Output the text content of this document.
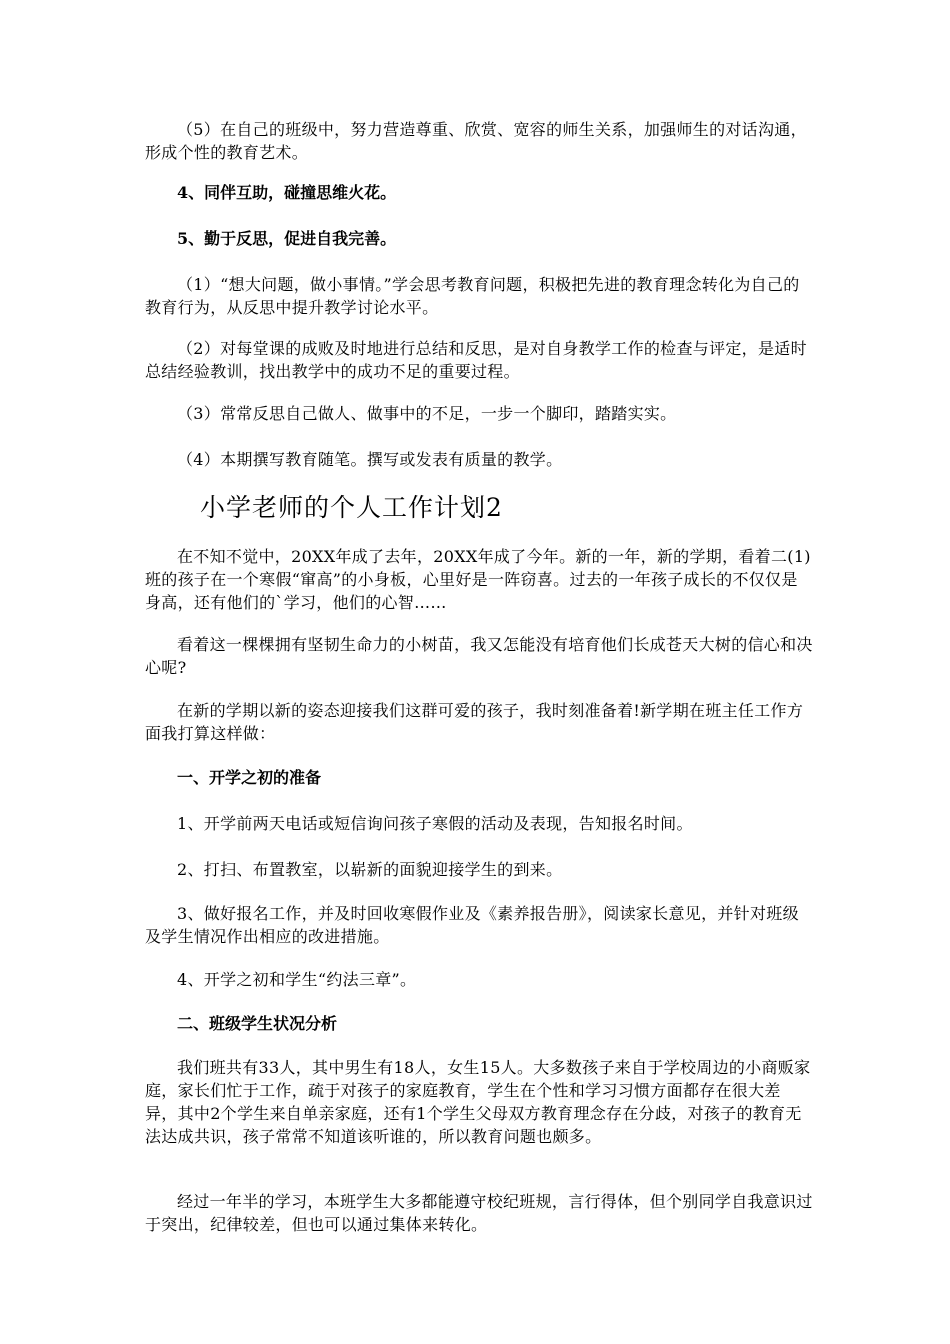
（5）在自己的班级中，努力营造尊重、欣赏、宽容的师生关系，加强师生的对话沟通，形成个性的教育艺术。

4、同伴互助，碰撞思维火花。

5、勤于反思，促进自我完善。

（1）“想大问题，做小事情。”学会思考教育问题，积极把先进的教育理念转化为自己的教育行为，从反思中提升教学讨论水平。

（2）对每堂课的成败及时地进行总结和反思，是对自身教学工作的检查与评定，是适时总结经验教训，找出教学中的成功不足的重要过程。

（3）常常反思自己做人、做事中的不足，一步一个脚印，踏踏实实。

（4）本期撰写教育随笔。撰写或发表有质量的教学。

小学老师的个人工作计划2

在不知不觉中，20XX年成了去年，20XX年成了今年。新的一年，新的学期，看着二(1)班的孩子在一个寒假“窜高”的小身板，心里好是一阵窃喜。过去的一年孩子成长的不仅仅是身高，还有他们的`学习，他们的心智……

看着这一棵棵拥有坚韧生命力的小树苗，我又怎能没有培育他们长成苍天大树的信心和决心呢?

在新的学期以新的姿态迎接我们这群可爱的孩子，我时刻准备着!新学期在班主任工作方面我打算这样做：

一、开学之初的准备

1、开学前两天电话或短信询问孩子寒假的活动及表现，告知报名时间。

2、打扫、布置教室，以崭新的面貌迎接学生的到来。

3、做好报名工作，并及时回收寒假作业及《素养报告册》，阅读家长意见，并针对班级及学生情况作出相应的改进措施。

4、开学之初和学生“约法三章”。

二、班级学生状况分析

我们班共有33人，其中男生有18人，女生15人。大多数孩子来自于学校周边的小商贩家庭，家长们忙于工作，疏于对孩子的家庭教育，学生在个性和学习习惯方面都存在很大差异，其中2个学生来自单亲家庭，还有1个学生父母双方教育理念存在分歧，对孩子的教育无法达成共识，孩子常常不知道该听谁的，所以教育问题也颇多。

经过一年半的学习，本班学生大多都能遵守校纪班规，言行得体，但个别同学自我意识过于突出，纪律较差，但也可以通过集体来转化。
